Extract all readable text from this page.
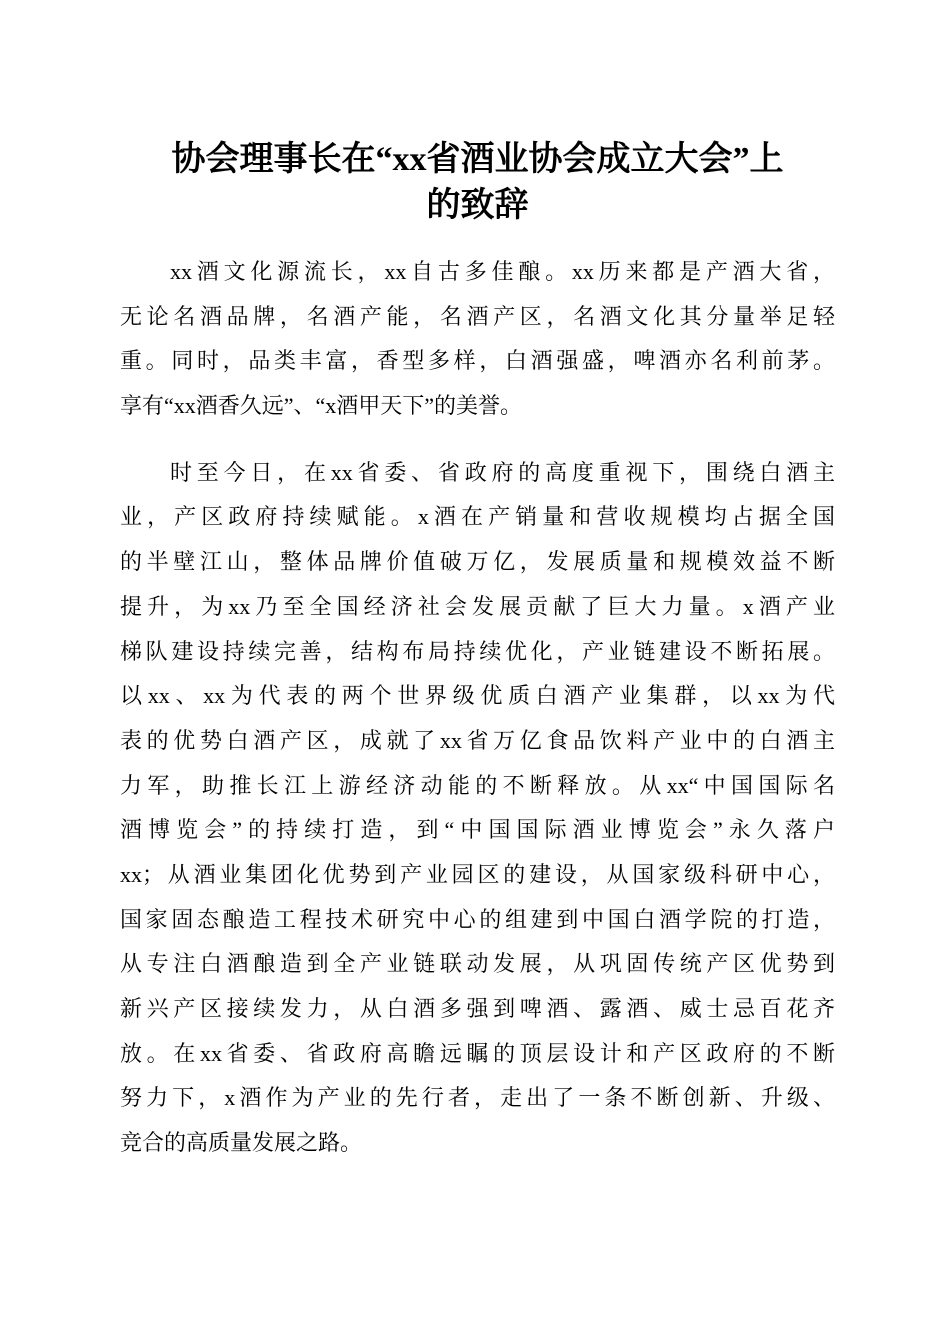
协会理事长在“xx省酒业协会成立大会”上
的致辞
xx酒文化源流长，xx自古多佳酿。xx历来都是产酒大省，
无论名酒品牌，名酒产能，名酒产区，名酒文化其分量举足轻
重。同时，品类丰富，香型多样，白酒强盛，啤酒亦名利前茅。
享有“xx酒香久远”、“x酒甲天下”的美誉。
时至今日，在xx省委、省政府的高度重视下，围绕白酒主
业，产区政府持续赋能。x酒在产销量和营收规模均占据全国
的半壁江山，整体品牌价值破万亿，发展质量和规模效益不断
提升，为xx乃至全国经济社会发展贡献了巨大力量。x酒产业
梯队建设持续完善，结构布局持续优化，产业链建设不断拓展。
以xx、xx为代表的两个世界级优质白酒产业集群，以xx为代
表的优势白酒产区，成就了xx省万亿食品饮料产业中的白酒主
力军，助推长江上游经济动能的不断释放。从xx“中国国际名
酒博览会”的持续打造，到“中国国际酒业博览会”永久落户
xx；从酒业集团化优势到产业园区的建设，从国家级科研中心，
国家固态酿造工程技术研究中心的组建到中国白酒学院的打造，
从专注白酒酿造到全产业链联动发展，从巩固传统产区优势到
新兴产区接续发力，从白酒多强到啤酒、露酒、威士忌百花齐
放。在xx省委、省政府高瞻远瞩的顶层设计和产区政府的不断
努力下，x酒作为产业的先行者，走出了一条不断创新、升级、
竞合的高质量发展之路。
